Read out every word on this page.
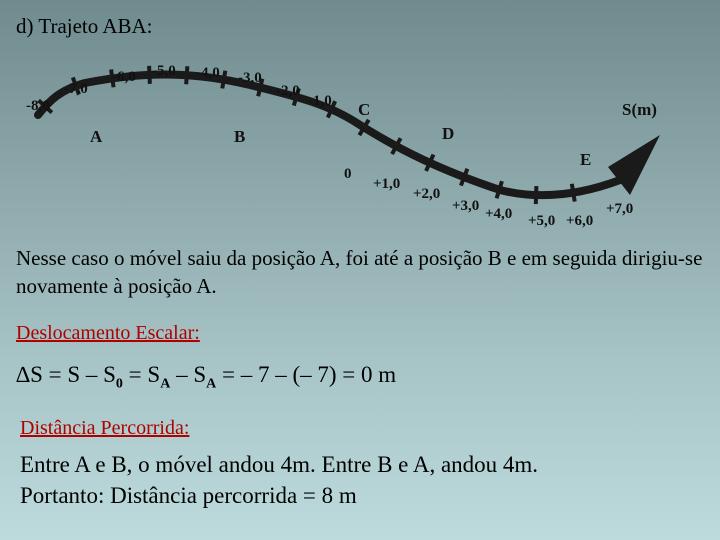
d) Trajeto ABA:
-8,0
-7,0
-6,0 -5,0 -4,0 -3,0
-2,0
-1,0
0
+1,0
+2,0
+3,0 +4,0 +5,0 +6,0
+7,0
A	B
C
D
E
S(m)
Nesse caso o móvel saiu da posição A, foi até a posição B e em seguida dirigiu-se novamente à posição A.
Deslocamento Escalar:
$\Delta S = S - S_0 = S_A - S_A$ = – 7 – (– 7) = 0 m
Distância Percorrida:
Entre A e B, o móvel andou 4m. Entre B e A, andou 4m.
Portanto: Distância percorrida = 8 m
